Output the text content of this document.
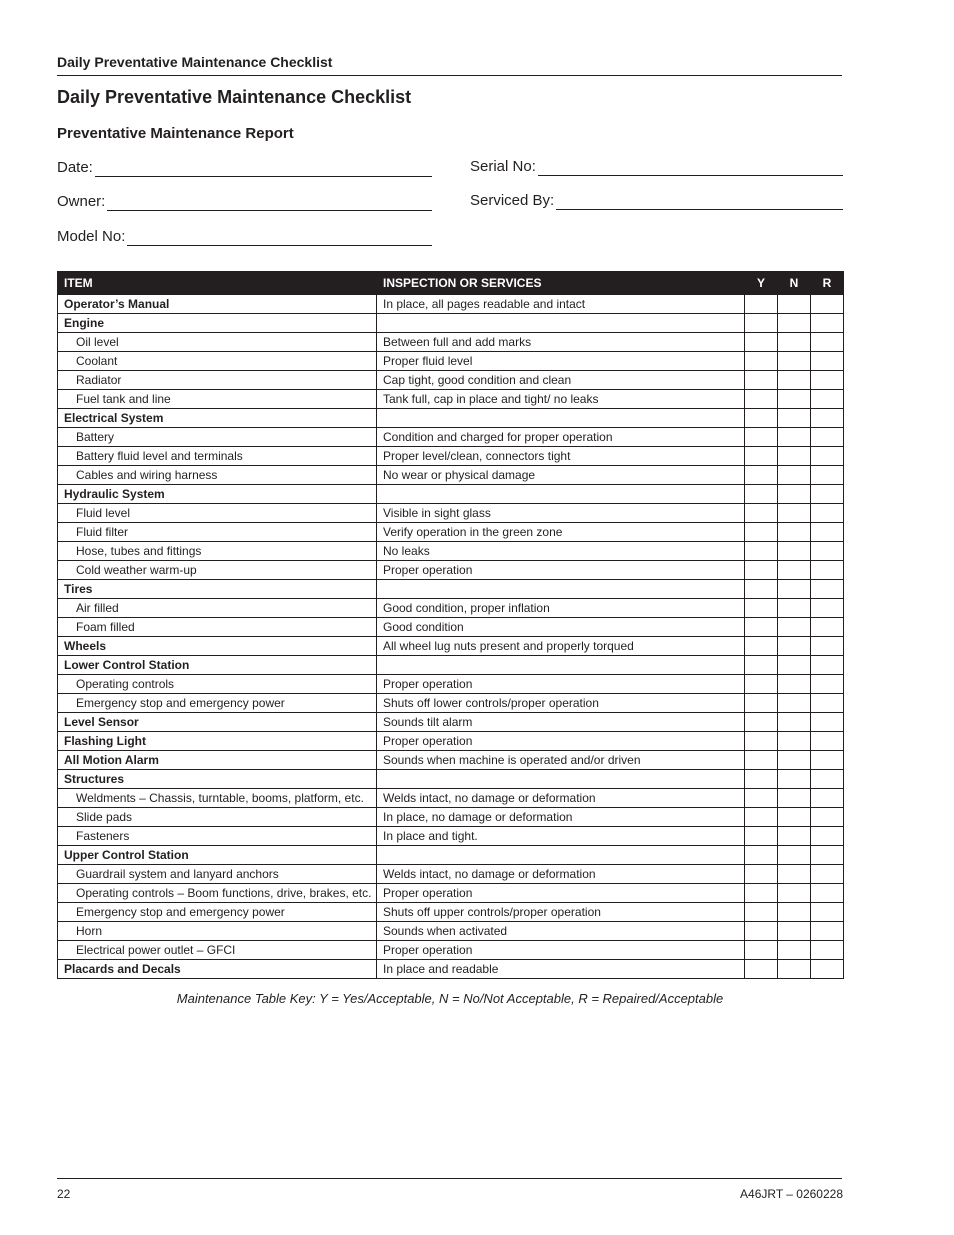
Daily Preventative Maintenance Checklist
Daily Preventative Maintenance Checklist
Preventative Maintenance Report
Date:
Owner:
Model No:
Serial No:
Serviced By:
ITEM	INSPECTION OR SERVICES	Y	N	R
Operator’s Manual	In place, all pages readable and intact			
Engine				
Oil level	Between full and add marks			
Coolant	Proper fluid level			
Radiator	Cap tight, good condition and clean			
Fuel tank and line	Tank full, cap in place and tight/ no leaks			
Electrical System				
Battery	Condition and charged for proper operation			
Battery fluid level and terminals	Proper level/clean, connectors tight			
Cables and wiring harness	No wear or physical damage			
Hydraulic System				
Fluid level	Visible in sight glass			
Fluid filter	Verify operation in the green zone			
Hose, tubes and fittings	No leaks			
Cold weather warm-up	Proper operation			
Tires				
Air filled	Good condition, proper inflation			
Foam filled	Good condition			
Wheels	All wheel lug nuts present and properly torqued			
Lower Control Station				
Operating controls	Proper operation			
Emergency stop and emergency power	Shuts off lower controls/proper operation			
Level Sensor	Sounds tilt alarm			
Flashing Light	Proper operation			
All Motion Alarm	Sounds when machine is operated and/or driven			
Structures				
Weldments – Chassis, turntable, booms, platform, etc.	Welds intact, no damage or deformation			
Slide pads	In place, no damage or deformation			
Fasteners	In place and tight.			
Upper Control Station				
Guardrail system and lanyard anchors	Welds intact, no damage or deformation			
Operating controls – Boom functions, drive, brakes, etc.	Proper operation			
Emergency stop and emergency power	Shuts off upper controls/proper operation			
Horn	Sounds when activated			
Electrical power outlet – GFCI	Proper operation			
Placards and Decals	In place and readable			
Maintenance Table Key: Y = Yes/Acceptable, N = No/Not Acceptable, R = Repaired/Acceptable
22	A46JRT – 0260228
